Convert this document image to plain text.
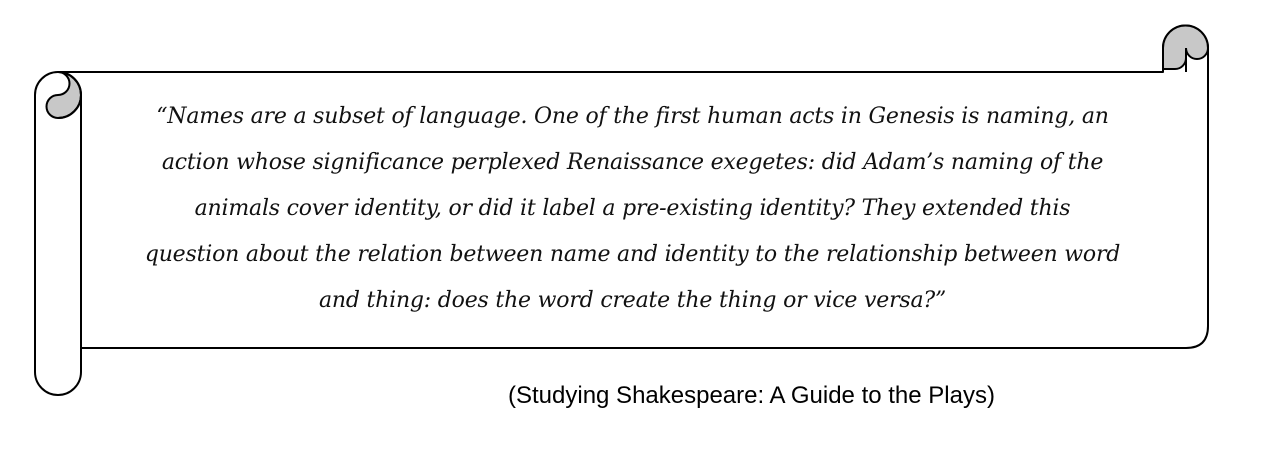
“Names are a subset of language. One of the first human acts in Genesis is naming, an
action whose significance perplexed Renaissance exegetes: did Adam’s naming of the
animals cover identity, or did it label a pre-existing identity? They extended this
question about the relation between name and identity to the relationship between word
and thing: does the word create the thing or vice versa?”

(Studying Shakespeare: A Guide to the Plays)
